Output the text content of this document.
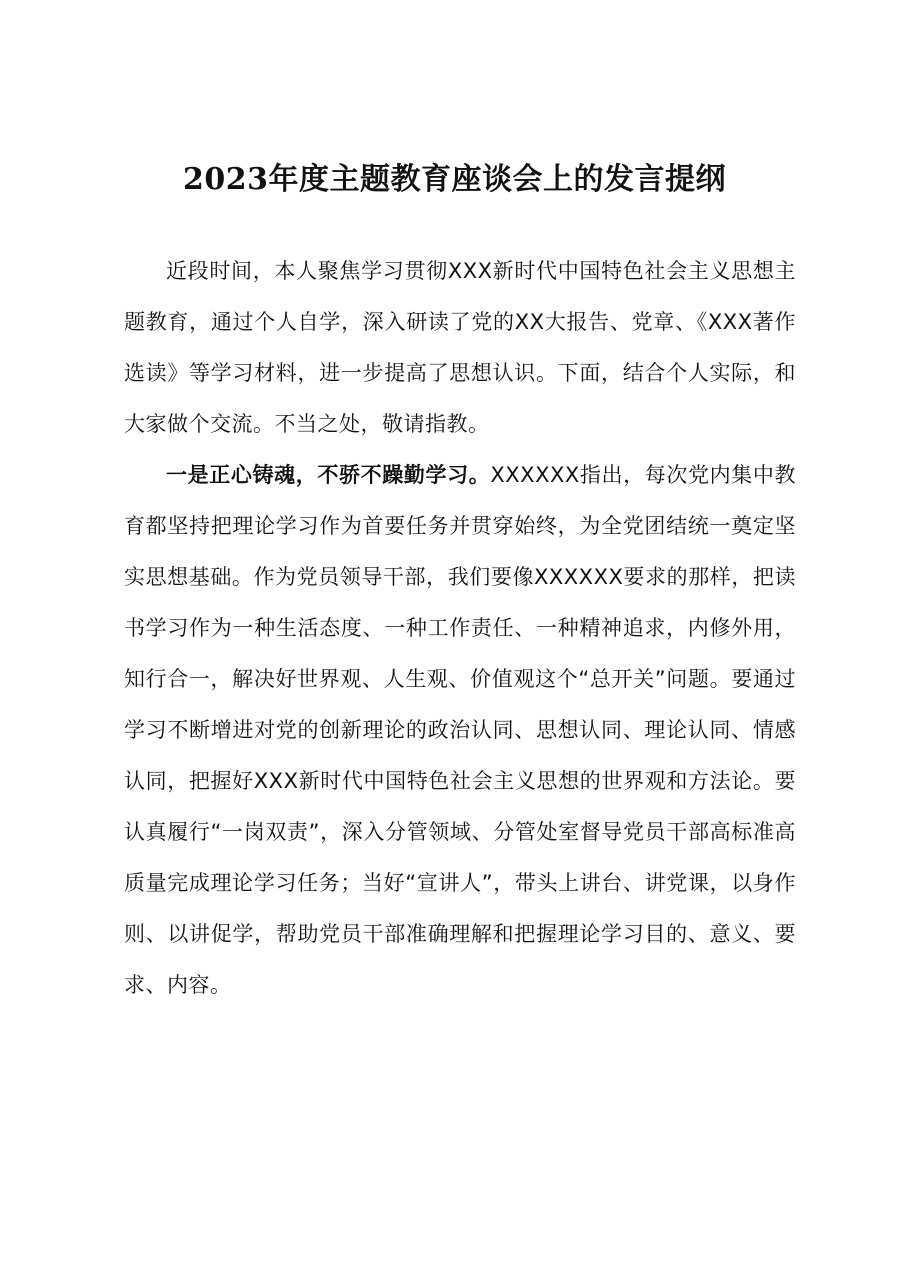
2023年度主题教育座谈会上的发言提纲

近段时间，本人聚焦学习贯彻XXX新时代中国特色社会主义思想主题教育，通过个人自学，深入研读了党的XX大报告、党章、《XXX著作选读》等学习材料，进一步提高了思想认识。下面，结合个人实际，和大家做个交流。不当之处，敬请指教。

一是正心铸魂，不骄不躁勤学习。XXXXXX指出，每次党内集中教育都坚持把理论学习作为首要任务并贯穿始终，为全党团结统一奠定坚实思想基础。作为党员领导干部，我们要像XXXXXX要求的那样，把读书学习作为一种生活态度、一种工作责任、一种精神追求，内修外用，知行合一，解决好世界观、人生观、价值观这个“总开关”问题。要通过学习不断增进对党的创新理论的政治认同、思想认同、理论认同、情感认同，把握好XXX新时代中国特色社会主义思想的世界观和方法论。要认真履行“一岗双责”，深入分管领域、分管处室督导党员干部高标准高质量完成理论学习任务；当好“宣讲人”，带头上讲台、讲党课，以身作则、以讲促学，帮助党员干部准确理解和把握理论学习目的、意义、要求、内容。
